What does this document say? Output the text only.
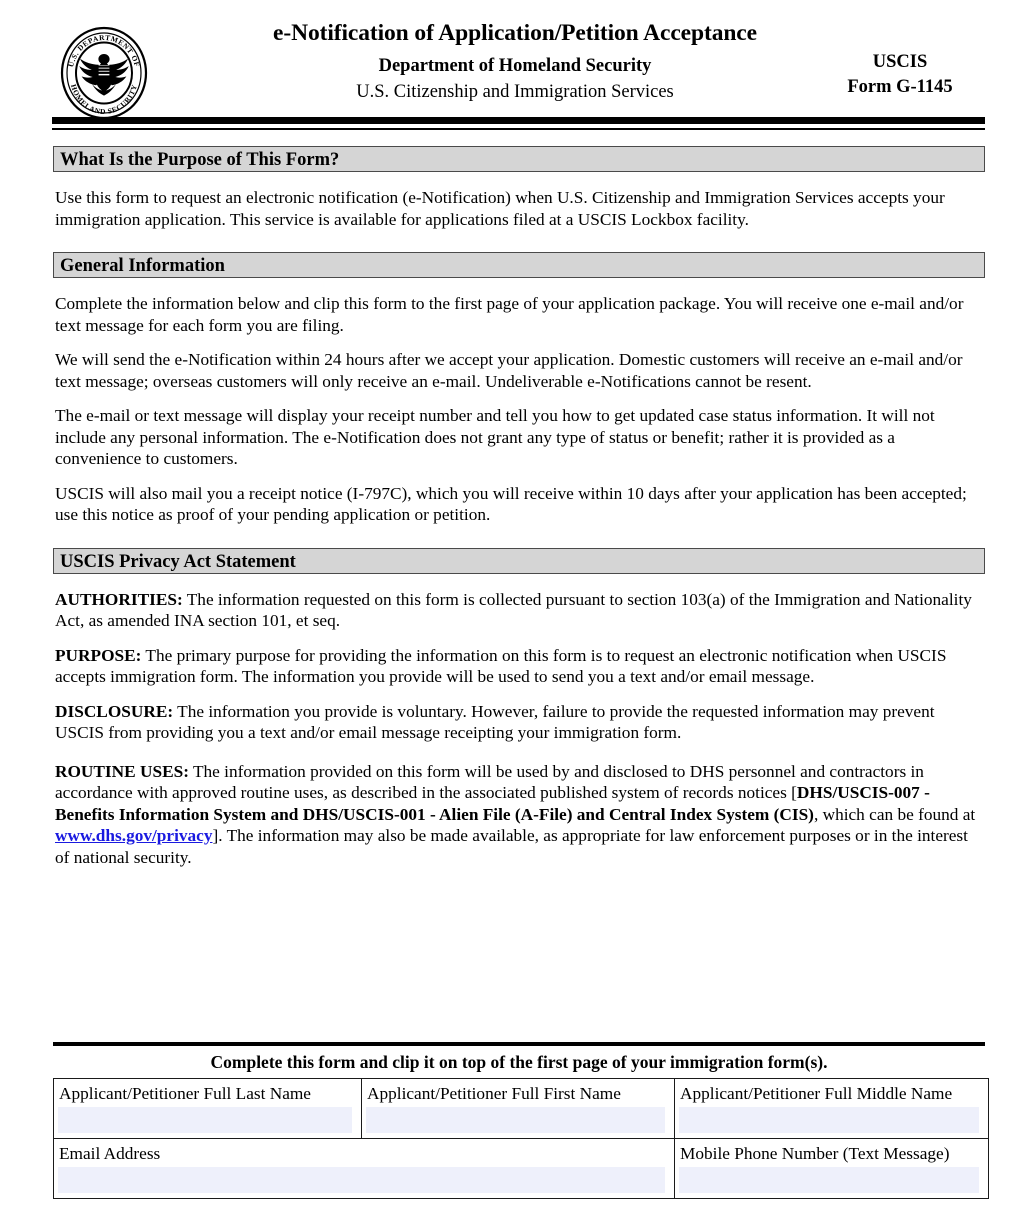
U.S. DEPARTMENT OF
HOMELAND SECURITY
e-Notification of Application/Petition Acceptance
Department of Homeland Security
U.S. Citizenship and Immigration Services
USCIS
Form G-1145
What Is the Purpose of This Form?

Use this form to request an electronic notification (e-Notification) when U.S. Citizenship and Immigration Services accepts your immigration application. This service is available for applications filed at a USCIS Lockbox facility.

General Information

Complete the information below and clip this form to the first page of your application package. You will receive one e-mail and/or text message for each form you are filing.

We will send the e-Notification within 24 hours after we accept your application. Domestic customers will receive an e-mail and/or text message; overseas customers will only receive an e-mail. Undeliverable e-Notifications cannot be resent.

The e-mail or text message will display your receipt number and tell you how to get updated case status information. It will not include any personal information. The e-Notification does not grant any type of status or benefit; rather it is provided as a convenience to customers.

USCIS will also mail you a receipt notice (I-797C), which you will receive within 10 days after your application has been accepted; use this notice as proof of your pending application or petition.

USCIS Privacy Act Statement

AUTHORITIES: The information requested on this form is collected pursuant to section 103(a) of the Immigration and Nationality Act, as amended INA section 101, et seq.

PURPOSE: The primary purpose for providing the information on this form is to request an electronic notification when USCIS accepts immigration form. The information you provide will be used to send you a text and/or email message.

DISCLOSURE: The information you provide is voluntary. However, failure to provide the requested information may prevent USCIS from providing you a text and/or email message receipting your immigration form.

ROUTINE USES: The information provided on this form will be used by and disclosed to DHS personnel and contractors in accordance with approved routine uses, as described in the associated published system of records notices [DHS/USCIS-007 - Benefits Information System and DHS/USCIS-001 - Alien File (A-File) and Central Index System (CIS), which can be found at www.dhs.gov/privacy]. The information may also be made available, as appropriate for law enforcement purposes or in the interest of national security.

Complete this form and clip it on top of the first page of your immigration form(s).
Applicant/Petitioner Full Last Name	Applicant/Petitioner Full First Name	Applicant/Petitioner Full Middle Name

Email Address		Mobile Phone Number (Text Message)
